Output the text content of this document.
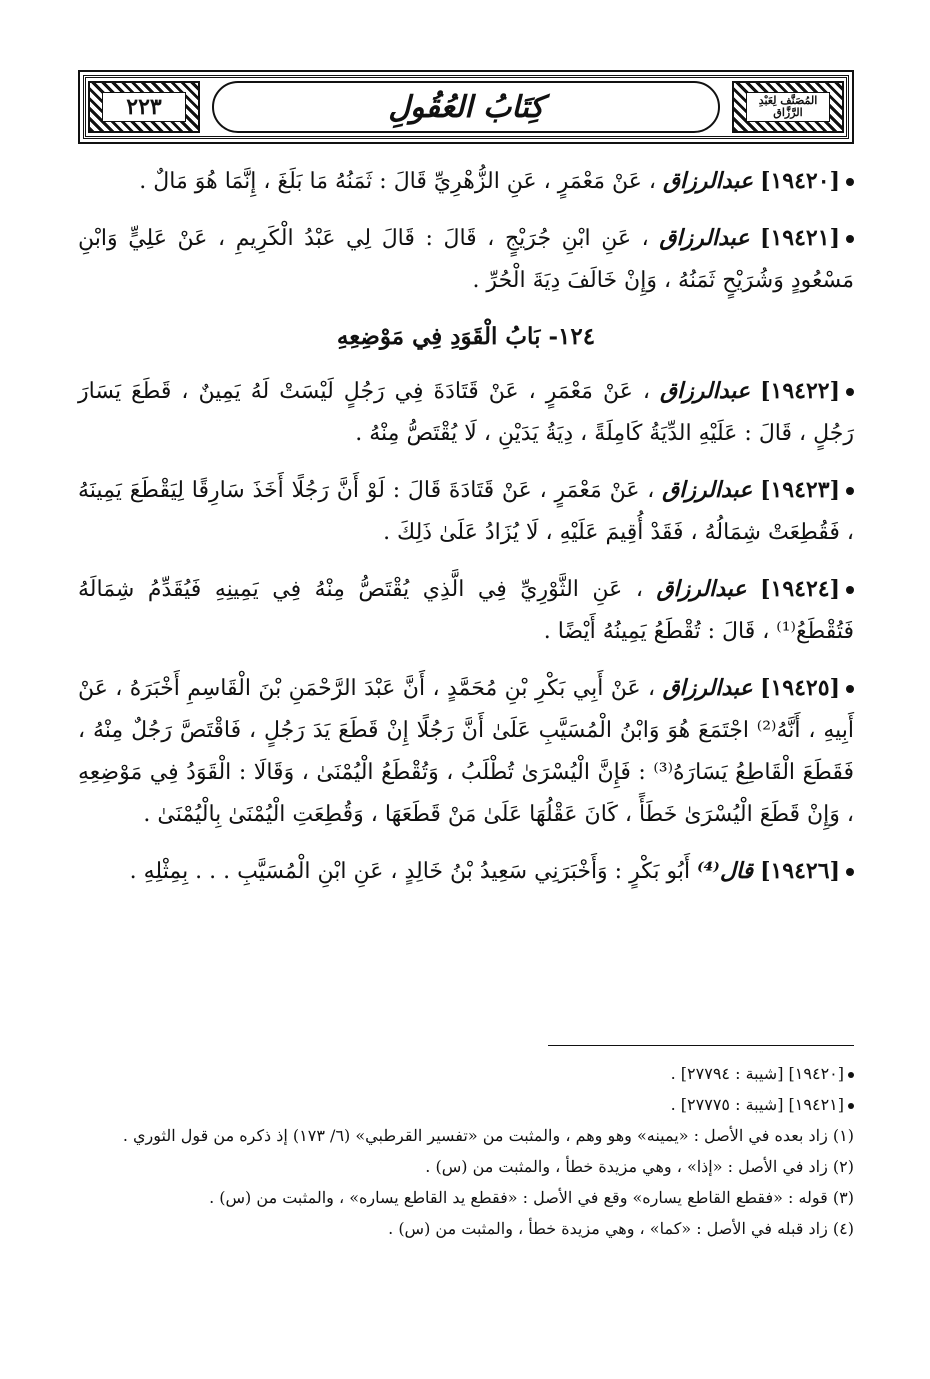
٢٢٣	كِتَابُ العُقُولِ	المُصَنَّف لِعَبْدِ الرَّزَّاق

[١٩٤٢٠] عبدالرزاق ، عَنْ مَعْمَرٍ ، عَنِ الزُّهْرِيِّ قَالَ : ثَمَنُهُ مَا بَلَغَ ، إِنَّمَا هُوَ مَالٌ .

[١٩٤٢١] عبدالرزاق ، عَنِ ابْنِ جُرَيْجٍ ، قَالَ : قَالَ لِي عَبْدُ الْكَرِيمِ ، عَنْ عَلِيٍّ وَابْنِ مَسْعُودٍ وَشُرَيْحٍ ثَمَنُهُ ، وَإِنْ خَالَفَ دِيَةَ الْحُرِّ .

١٢٤- بَابُ الْقَوَدِ فِي مَوْضِعِهِ

[١٩٤٢٢] عبدالرزاق ، عَنْ مَعْمَرٍ ، عَنْ قَتَادَةَ فِي رَجُلٍ لَيْسَتْ لَهُ يَمِينٌ ، قَطَعَ يَسَارَ رَجُلٍ ، قَالَ : عَلَيْهِ الدِّيَةُ كَامِلَةً ، دِيَةُ يَدَيْنِ ، لَا يُقْتَصُّ مِنْهُ .

[١٩٤٢٣] عبدالرزاق ، عَنْ مَعْمَرٍ ، عَنْ قَتَادَةَ قَالَ : لَوْ أَنَّ رَجُلًا أَخَذَ سَارِقًا لِيَقْطَعَ يَمِينَهُ ، فَقُطِعَتْ شِمَالُهُ ، فَقَدْ أُقِيمَ عَلَيْهِ ، لَا يُزَادُ عَلَىٰ ذَلِكَ .

[١٩٤٢٤] عبدالرزاق ، عَنِ الثَّوْرِيِّ فِي الَّذِي يُقْتَصُّ مِنْهُ فِي يَمِينِهِ فَيُقَدِّمُ شِمَالَهُ فَتُقْطَعُ⁽¹⁾ ، قَالَ : تُقْطَعُ يَمِينُهُ أَيْضًا .

[١٩٤٢٥] عبدالرزاق ، عَنْ أَبِي بَكْرِ بْنِ مُحَمَّدٍ ، أَنَّ عَبْدَ الرَّحْمَنِ بْنَ الْقَاسِمِ أَخْبَرَهُ ، عَنْ أَبِيهِ ، أَنَّهُ⁽²⁾ اجْتَمَعَ هُوَ وَابْنُ الْمُسَيَّبِ عَلَىٰ أَنَّ رَجُلًا إِنْ قَطَعَ يَدَ رَجُلٍ ، فَاقْتَصَّ رَجُلٌ مِنْهُ ، فَقَطَعَ الْقَاطِعُ يَسَارَهُ⁽³⁾ : فَإِنَّ الْيُسْرَىٰ تُطْلَبُ ، وَتُقْطَعُ الْيُمْنَىٰ ، وَقَالَا : الْقَوَدُ فِي مَوْضِعِهِ ، وَإِنْ قَطَعَ الْيُسْرَىٰ خَطَأً ، كَانَ عَقْلُهَا عَلَىٰ مَنْ قَطَعَهَا ، وَقُطِعَتِ الْيُمْنَىٰ بِالْيُمْنَىٰ .

[١٩٤٢٦] قال⁽⁴⁾ أَبُو بَكْرٍ : وَأَخْبَرَنِي سَعِيدُ بْنُ خَالِدٍ ، عَنِ ابْنِ الْمُسَيَّبِ . . . بِمِثْلِهِ .

[١٩٤٢٠] [شيبة : ٢٧٧٩٤] .

[١٩٤٢١] [شيبة : ٢٧٧٧٥] .

(١) زاد بعده في الأصل : «يمينه» وهو وهم ، والمثبت من «تفسير القرطبي» (٦/ ١٧٣) إذ ذكره من قول الثوري .

(٢) زاد في الأصل : «إذا» ، وهي مزيدة خطأ ، والمثبت من (س) .

(٣) قوله : «فقطع القاطع يساره» وقع في الأصل : «فقطع يد القاطع يساره» ، والمثبت من (س) .

(٤) زاد قبله في الأصل : «كما» ، وهي مزيدة خطأ ، والمثبت من (س) .
